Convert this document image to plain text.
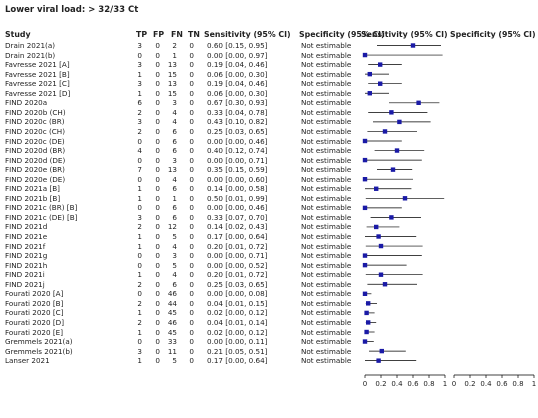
Lower viral load: > 32/33 Ct
Study	TP FP FN TN Sensitivity (95% CI) Specificity (95% CI)
Sensitivity (95% CI) Specificity (95% CI)
Drain 2021(a)	3	0	2	0 0.60 [0.15, 0.95]	Not estimable
Drain 2021(b)	0	0	1	0 0.00 [0.00, 0.97]	Not estimable
Favresse 2021 [A]	3	0	13	0 0.19 [0.04, 0.46]	Not estimable
Favresse 2021 [B]	1	0	15	0 0.06 [0.00, 0.30]	Not estimable
Favresse 2021 [C]	3	0	13	0 0.19 [0.04, 0.46]	Not estimable
Favresse 2021 [D]	1	0	15	0 0.06 [0.00, 0.30]	Not estimable
FIND 2020a	6	0	3	0 0.67 [0.30, 0.93]	Not estimable
FIND 2020b (CH)	2	0	4	0 0.33 [0.04, 0.78]	Not estimable
FIND 2020c (BR)	3	0	4	0 0.43 [0.10, 0.82]	Not estimable
FIND 2020c (CH)	2	0	6	0 0.25 [0.03, 0.65]	Not estimable
FIND 2020c (DE)	0	0	6	0 0.00 [0.00, 0.46]	Not estimable
FIND 2020d (BR)	4	0	6	0 0.40 [0.12, 0.74]	Not estimable
FIND 2020d (DE)	0	0	3	0 0.00 [0.00, 0.71]	Not estimable
FIND 2020e (BR)	7	0	13	0 0.35 [0.15, 0.59]	Not estimable
FIND 2020e (DE)	0	0	4	0 0.00 [0.00, 0.60]	Not estimable
FIND 2021a [B]	1	0	6	0 0.14 [0.00, 0.58]	Not estimable
FIND 2021b [B]	1	0	1	0 0.50 [0.01, 0.99]	Not estimable
FIND 2021c (BR) [B]	0	0	6	0 0.00 [0.00, 0.46]	Not estimable
FIND 2021c (DE) [B]	3	0	6	0 0.33 [0.07, 0.70]	Not estimable
FIND 2021d	2	0	12	0 0.14 [0.02, 0.43]	Not estimable
FIND 2021e	1	0	5	0 0.17 [0.00, 0.64]	Not estimable
FIND 2021f	1	0	4	0 0.20 [0.01, 0.72]	Not estimable
FIND 2021g	0	0	3	0 0.00 [0.00, 0.71]	Not estimable
FIND 2021h	0	0	5	0 0.00 [0.00, 0.52]	Not estimable
FIND 2021i	1	0	4	0 0.20 [0.01, 0.72]	Not estimable
FIND 2021j	2	0	6	0 0.25 [0.03, 0.65]	Not estimable
Fourati 2020 [A]	0	0	46	0 0.00 [0.00, 0.08]	Not estimable
Fourati 2020 [B]	2	0	44	0 0.04 [0.01, 0.15]	Not estimable
Fourati 2020 [C]	1	0	45	0 0.02 [0.00, 0.12]	Not estimable
Fourati 2020 [D]	2	0	46	0 0.04 [0.01, 0.14]	Not estimable
Fourati 2020 [E]	1	0	45	0 0.02 [0.00, 0.12]	Not estimable
Gremmels 2021(a)	0	0	33	0 0.00 [0.00, 0.11]	Not estimable
Gremmels 2021(b)	3	0	11	0 0.21 [0.05, 0.51]	Not estimable
Lanser 2021	1	0	5	0 0.17 [0.00, 0.64]	Not estimable
0 0.2 0.4 0.6 0.8 1 0 0.2 0.4 0.6 0.8 1
